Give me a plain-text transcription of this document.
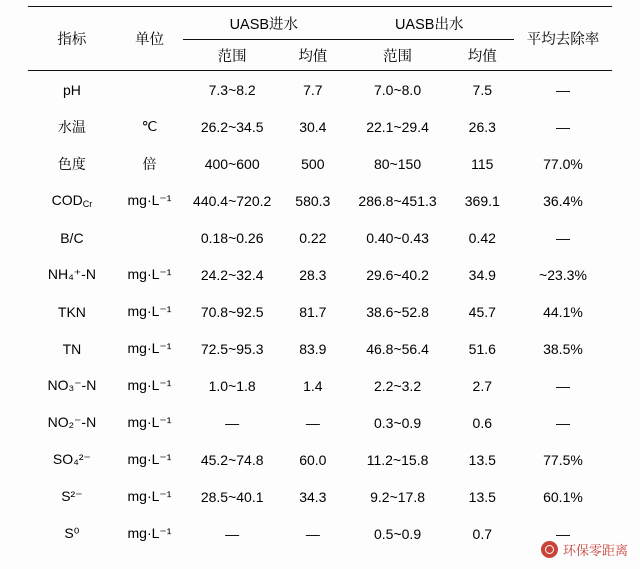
指标	单位	UASB进水		UASB出水		平均去除率
		范围	均值	范围	均值	
pH		7.3~8.2	7.7	7.0~8.0	7.5	—
水温	℃	26.2~34.5	30.4	22.1~29.4	26.3	—
色度	倍	400~600	500	80~150	115	77.0%
$COD_{Cr}$	mg·L⁻¹	440.4~720.2	580.3	286.8~451.3	369.1	36.4%
B/C		0.18~0.26	0.22	0.40~0.43	0.42	—
NH₄⁺-N	mg·L⁻¹	24.2~32.4	28.3	29.6~40.2	34.9	~23.3%
TKN	mg·L⁻¹	70.8~92.5	81.7	38.6~52.8	45.7	44.1%
TN	mg·L⁻¹	72.5~95.3	83.9	46.8~56.4	51.6	38.5%
NO₃⁻-N	mg·L⁻¹	1.0~1.8	1.4	2.2~3.2	2.7	—
NO₂⁻-N	mg·L⁻¹	—	—	0.3~0.9	0.6	—
SO₄²⁻	mg·L⁻¹	45.2~74.8	60.0	11.2~15.8	13.5	77.5%
S²⁻	mg·L⁻¹	28.5~40.1	34.3	9.2~17.8	13.5	60.1%
S⁰	mg·L⁻¹	—	—	0.5~0.9	0.7	—
环保零距离
